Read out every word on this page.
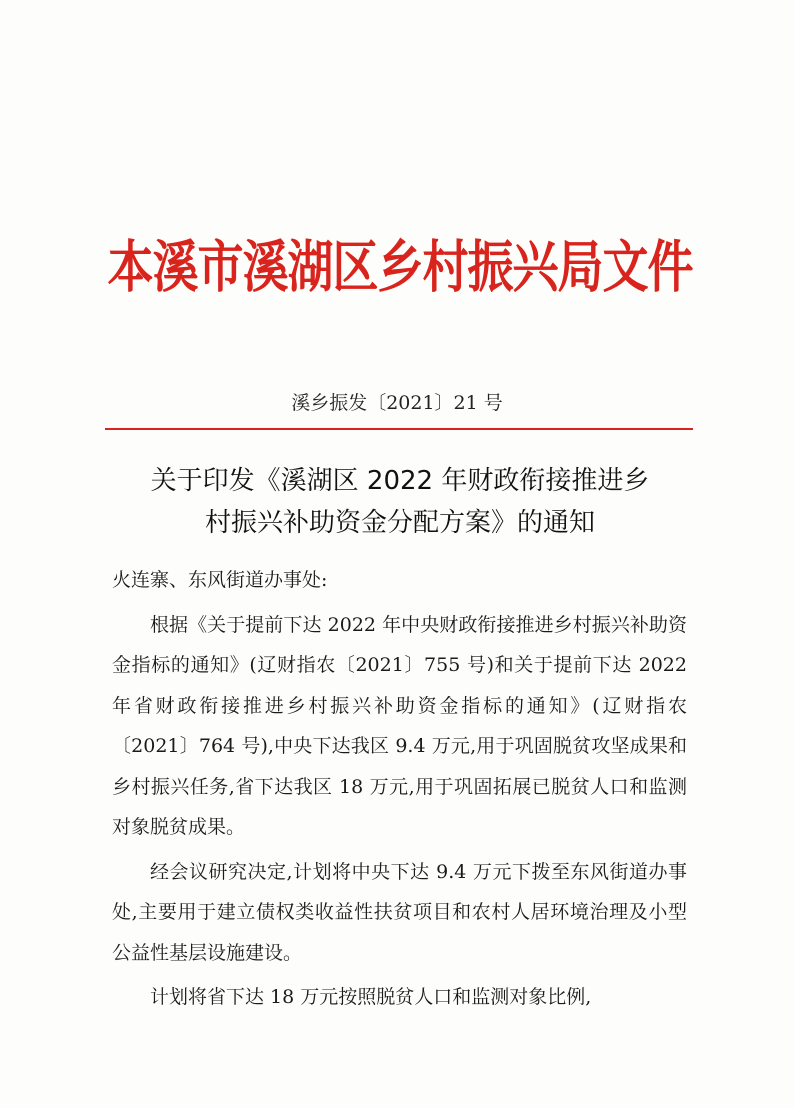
本溪市溪湖区乡村振兴局文件
溪乡振发〔2021〕21 号
关于印发《溪湖区 2022 年财政衔接推进乡
村振兴补助资金分配方案》的通知

火连寨、东风街道办事处:

根据《关于提前下达 2022 年中央财政衔接推进乡村振兴补助资金指标的通知》(辽财指农〔2021〕755 号)和关于提前下达 2022 年省财政衔接推进乡村振兴补助资金指标的通知》(辽财指农〔2021〕764 号),中央下达我区 9.4 万元,用于巩固脱贫攻坚成果和乡村振兴任务,省下达我区 18 万元,用于巩固拓展已脱贫人口和监测对象脱贫成果。

经会议研究决定,计划将中央下达 9.4 万元下拨至东风街道办事处,主要用于建立债权类收益性扶贫项目和农村人居环境治理及小型公益性基层设施建设。

计划将省下达 18 万元按照脱贫人口和监测对象比例,
